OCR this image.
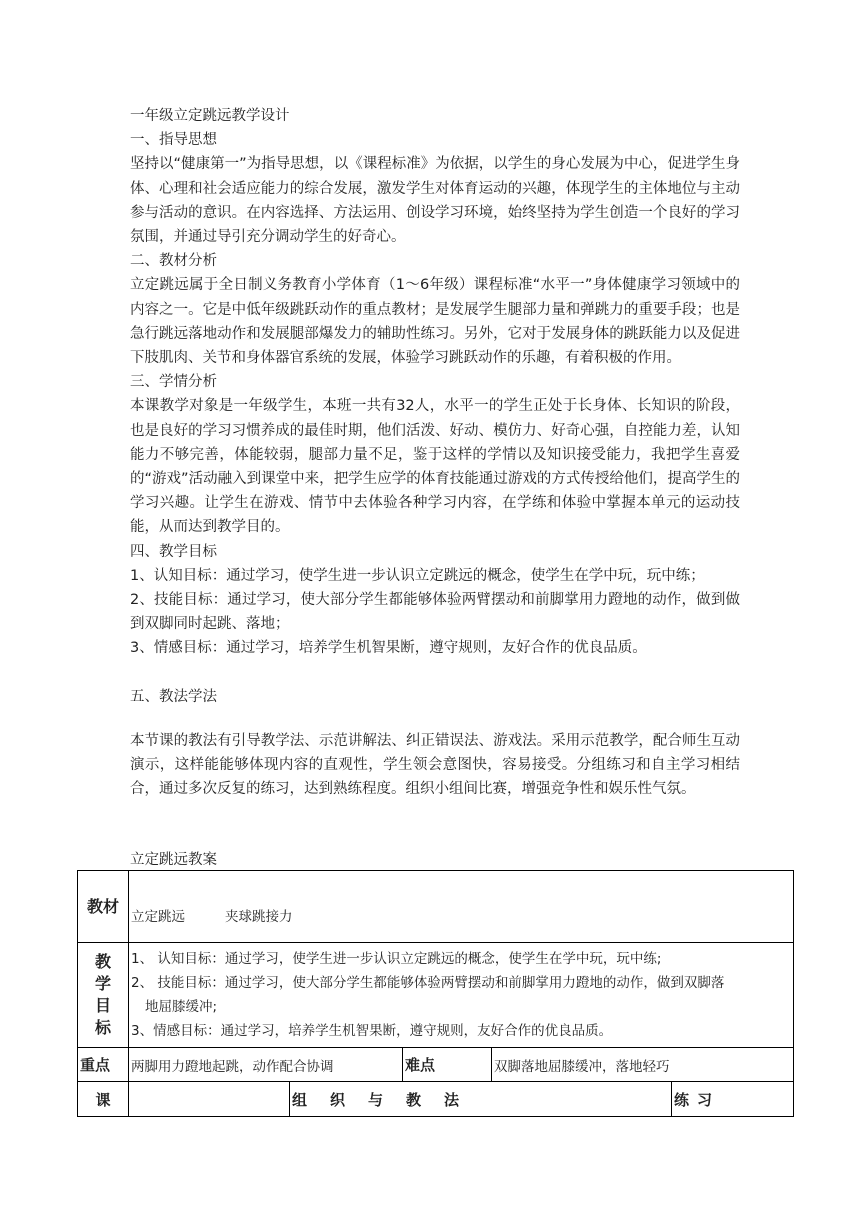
一年级立定跳远教学设计

一、指导思想

坚持以“健康第一”为指导思想，以《课程标准》为依据，以学生的身心发展为中心，促进学生身体、心理和社会适应能力的综合发展，激发学生对体育运动的兴趣，体现学生的主体地位与主动参与活动的意识。在内容选择、方法运用、创设学习环境，始终坚持为学生创造一个良好的学习氛围，并通过导引充分调动学生的好奇心。

二、教材分析

立定跳远属于全日制义务教育小学体育（1～6年级）课程标准“水平一”身体健康学习领域中的内容之一。它是中低年级跳跃动作的重点教材；是发展学生腿部力量和弹跳力的重要手段；也是急行跳远落地动作和发展腿部爆发力的辅助性练习。另外，它对于发展身体的跳跃能力以及促进下肢肌肉、关节和身体器官系统的发展，体验学习跳跃动作的乐趣，有着积极的作用。

三、学情分析

本课教学对象是一年级学生，本班一共有32人，水平一的学生正处于长身体、长知识的阶段，也是良好的学习习惯养成的最佳时期，他们活泼、好动、模仿力、好奇心强，自控能力差，认知能力不够完善，体能较弱，腿部力量不足，鉴于这样的学情以及知识接受能力，我把学生喜爱的“游戏”活动融入到课堂中来，把学生应学的体育技能通过游戏的方式传授给他们，提高学生的学习兴趣。让学生在游戏、情节中去体验各种学习内容，在学练和体验中掌握本单元的运动技能，从而达到教学目的。

四、教学目标

1、认知目标：通过学习，使学生进一步认识立定跳远的概念，使学生在学中玩，玩中练；

2、技能目标：通过学习，使大部分学生都能够体验两臂摆动和前脚掌用力蹬地的动作，做到做到双脚同时起跳、落地；

3、情感目标：通过学习，培养学生机智果断，遵守规则，友好合作的优良品质。

五、教法学法

本节课的教法有引导教学法、示范讲解法、纠正错误法、游戏法。采用示范教学，配合师生互动演示，这样能能够体现内容的直观性，学生领会意图快，容易接受。分组练习和自主学习相结合，通过多次反复的练习，达到熟练程度。组织小组间比赛，增强竞争性和娱乐性气氛。

立定跳远教案
教材	立定跳远 夹球跳接力				

教学目标	1、 认知目标：通过学习，使学生进一步认识立定跳远的概念，使学生在学中玩，玩中练;
2、 技能目标：通过学习，使大部分学生都能够体验两臂摆动和前脚掌用力蹬地的动作，做到双脚落
地屈膝缓冲;
3、情感目标：通过学习，培养学生机智果断，遵守规则，友好合作的优良品质。				

重点	两脚用力蹬地起跳，动作配合协调		难点	双脚落地屈膝缓冲，落地轻巧	
课		组织与教法			练习
